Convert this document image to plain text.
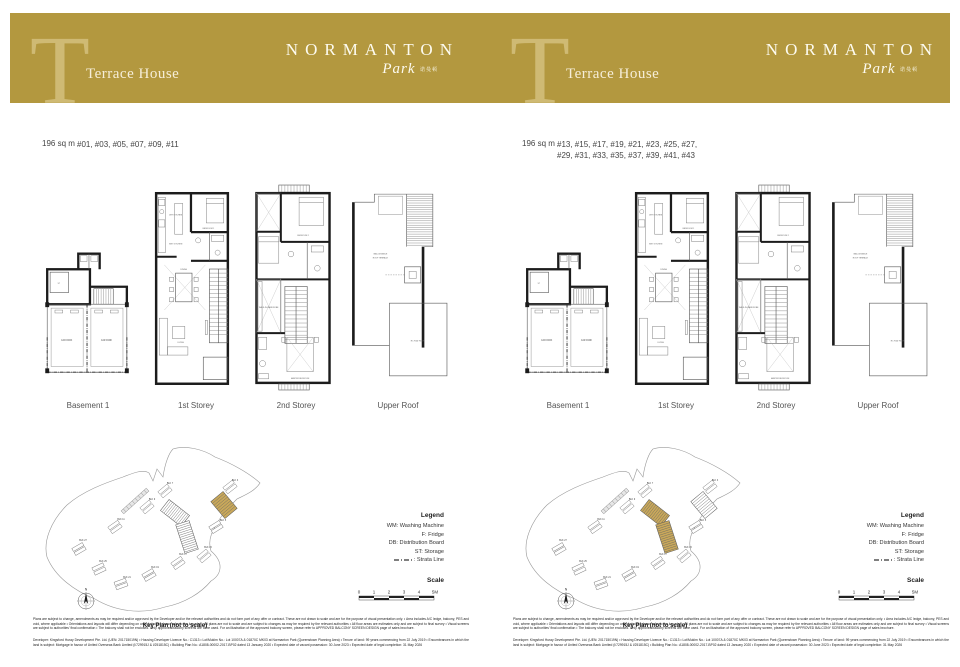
T
Terrace House
NORMANTON
Park 诺曼顿
196 sq m #01, #03, #05, #07, #09, #11
Basement 1	1st Storey	2nd Storey	Upper Roof
Legend
WM: Washing Machine
F: Fridge
DB: Distribution Board
ST: Storage
: Strata Line
Scale
0	1	2	3	4	5M

Plans are subject to change, amendments as may be required and/or approved by the Developer and/or the relevant authorities and do not form part of any offer or contract. These are not drawn to scale and are for the purpose of visual presentation only. • Area includes A/C ledge, balcony, PES and void, where applicable • Orientations and layouts will differ depending on unit of choice, please refer to the key plan • All plans are not to scale and are subject to changes as may be required by the relevant authorities • All floor areas are estimates only and are subject to final survey • Visual screens are subject to authorities' final confirmation • The balcony shall not be enclosed. Only approved balcony screens are to be used. For an illustration of the approved balcony screen, please refer to APPROVED BALCONY SCREEN DESIGN page of sales brochure.

Developer: Kingsford Huray Development Pte. Ltd. (UEN: 201715019N) • Housing Developer Licence No.: C1313 • Lot/Mukim No.: Lot 10007A & 01870C MK03 at Normanton Park (Queenstown Planning Area) • Tenure of land: 99 years commencing from 22 July 2019 • Encumbrances in which the land is subject: Mortgage in favour of United Overseas Bank Limited (I/729915J & I/251815C) • Building Plan No.: A1808-00002-2017-BP02 dated 13 January 2020 • Expected date of vacant possession: 30 June 2023 • Expected date of legal completion: 31 May 2026

T
Terrace House
NORMANTON
Park 诺曼顿
196 sq m #13, #15, #17, #19, #21, #23, #25, #27,
#29, #31, #33, #35, #37, #39, #41, #43
Basement 1	1st Storey	2nd Storey	Upper Roof
Legend
WM: Washing Machine
F: Fridge
DB: Distribution Board
ST: Storage
: Strata Line
Scale
0	1	2	3	4	5M

Plans are subject to change, amendments as may be required and/or approved by the Developer and/or the relevant authorities and do not form part of any offer or contract. These are not drawn to scale and are for the purpose of visual presentation only. • Area includes A/C ledge, balcony, PES and void, where applicable • Orientations and layouts will differ depending on unit of choice, please refer to the key plan • All plans are not to scale and are subject to changes as may be required by the relevant authorities • All floor areas are estimates only and are subject to final survey • Visual screens are subject to authorities' final confirmation • The balcony shall not be enclosed. Only approved balcony screens are to be used. For an illustration of the approved balcony screen, please refer to APPROVED BALCONY SCREEN DESIGN page of sales brochure.

Developer: Kingsford Huray Development Pte. Ltd. (UEN: 201715019N) • Housing Developer Licence No.: C1313 • Lot/Mukim No.: Lot 10007A & 01870C MK03 at Normanton Park (Queenstown Planning Area) • Tenure of land: 99 years commencing from 22 July 2019 • Encumbrances in which the land is subject: Mortgage in favour of United Overseas Bank Limited (I/729915J & I/251815C) • Building Plan No.: A1808-00002-2017-BP02 dated 13 January 2020 • Expected date of vacant possession: 30 June 2023 • Expected date of legal completion: 31 May 2026
